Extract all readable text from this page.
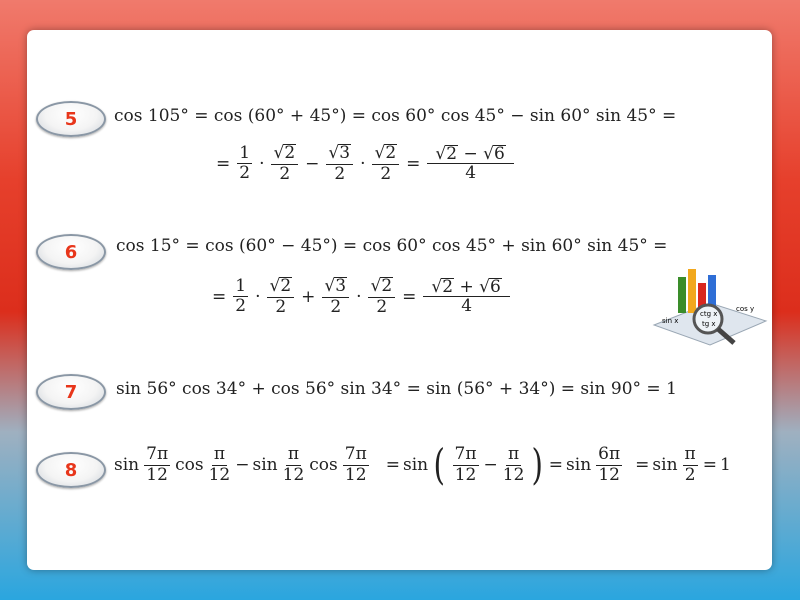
5	cos 105° = cos (60° + 45°) = cos 60° cos 45° − sin 60° sin 45° =
= $\frac{1}{2} \cdot \frac{√2}{2} - \frac{√3}{2} \cdot \frac{√2}{2} = \frac{√2 - √6}{4}$
6	cos 15° = cos (60° − 45°) = cos 60° cos 45° + sin 60° sin 45° =
= $\frac{1}{2} \cdot \frac{√2}{2} + \frac{√3}{2} \cdot \frac{√2}{2} = \frac{√2 + √6}{4}$	ctg x
tg x
cos y
sin x
7	sin 56° cos 34° + cos 56° sin 34° = sin (56° + 34°) = sin 90° = 1
8	$\sin \frac{7\pi}{12}$ $\cos \frac{\pi}{12} - \sin \frac{\pi}{12}$ $\cos \frac{7\pi}{12} = \sin$ ( $\frac{7\pi}{12} - \frac{\pi}{12}$ ) = $\sin \frac{6\pi}{12} = \sin \frac{\pi}{2} = 1$
